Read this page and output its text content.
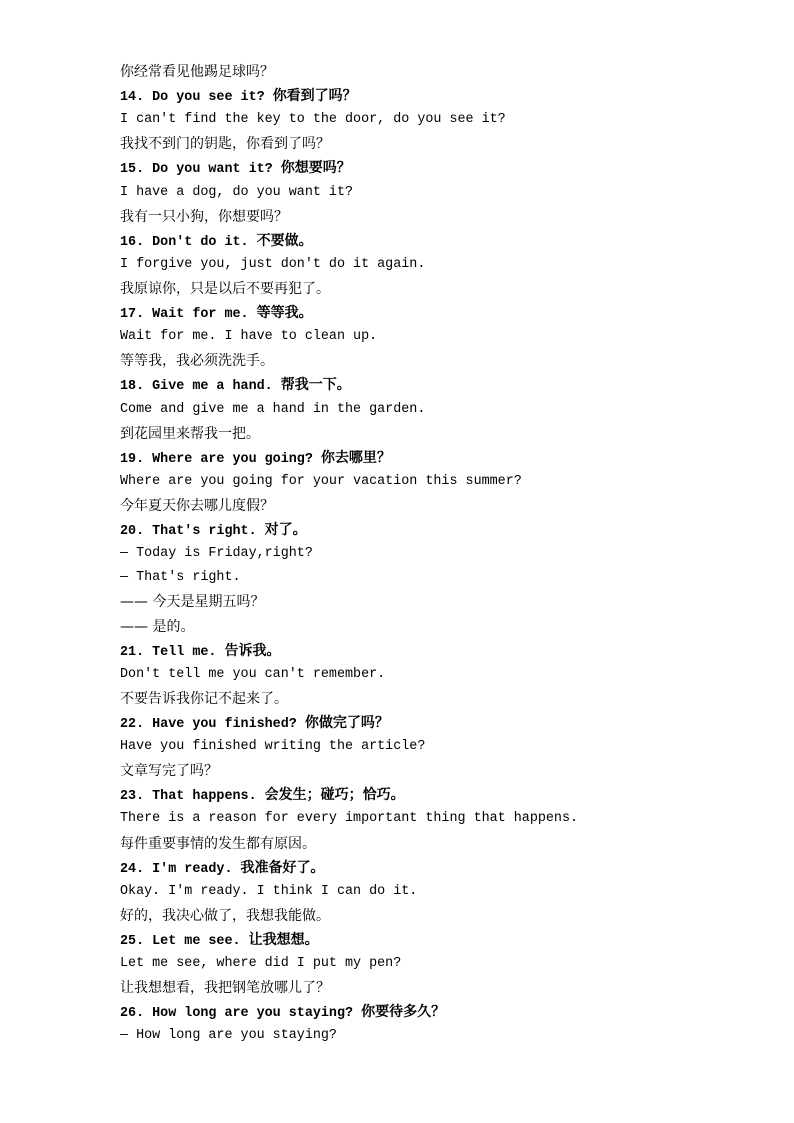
你经常看见他踢足球吗？
14. Do you see it? 你看到了吗？
I can't find the key to the door, do you see it?
我找不到门的钥匙，你看到了吗？
15. Do you want it? 你想要吗？
I have a dog, do you want it?
我有一只小狗，你想要吗？
16. Don't do it. 不要做。
I forgive you, just don't do it again.
我原谅你，只是以后不要再犯了。
17. Wait for me. 等等我。
Wait for me. I have to clean up.
等等我，我必须洗洗手。
18. Give me a hand. 帮我一下。
Come and give me a hand in the garden.
到花园里来帮我一把。
19. Where are you going? 你去哪里？
Where are you going for your vacation this summer?
今年夏天你去哪儿度假？
20. That's right. 对了。
— Today is Friday,right?
— That's right.
—— 今天是星期五吗？
—— 是的。
21. Tell me. 告诉我。
Don't tell me you can't remember.
不要告诉我你记不起来了。
22. Have you finished? 你做完了吗？
Have you finished writing the article?
文章写完了吗？
23. That happens. 会发生；碰巧；恰巧。
There is a reason for every important thing that happens.
每件重要事情的发生都有原因。
24. I'm ready. 我准备好了。
Okay. I'm ready. I think I can do it.
好的，我决心做了，我想我能做。
25. Let me see. 让我想想。
Let me see, where did I put my pen?
让我想想看，我把钢笔放哪儿了？
26. How long are you staying? 你要待多久？
— How long are you staying?
